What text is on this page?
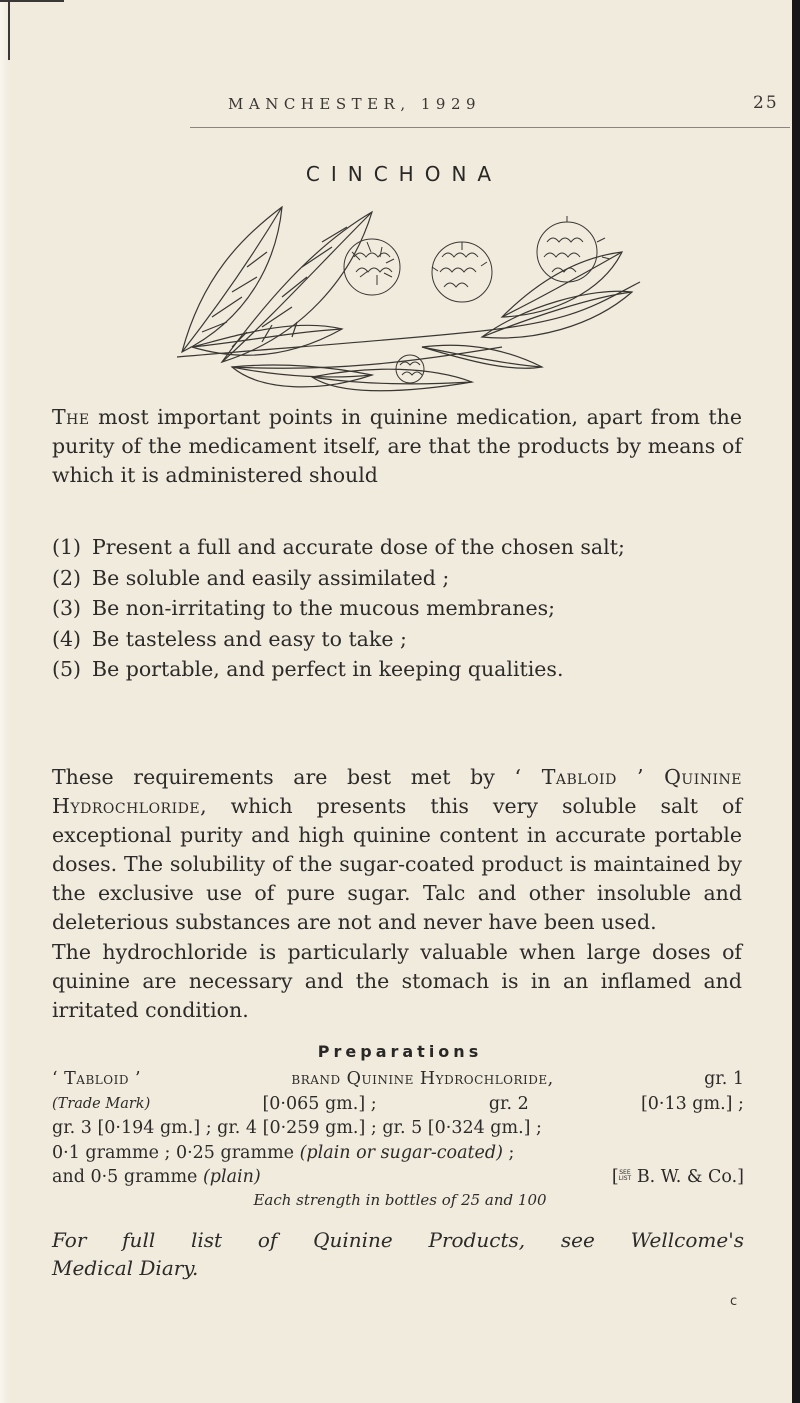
MANCHESTER, 1929	25
CINCHONA

The most important points in quinine medication, apart from the purity of the medicament itself, are that the products by means of which it is administered should

(1) Present a full and accurate dose of the chosen salt;
(2) Be soluble and easily assimilated ;
(3) Be non-irritating to the mucous membranes;
(4) Be tasteless and easy to take ;
(5) Be portable, and perfect in keeping qualities.

These requirements are best met by ‘ Tabloid ’ Quinine Hydrochloride, which presents this very soluble salt of exceptional purity and high quinine content in accurate portable doses. The solubility of the sugar-coated product is maintained by the exclusive use of pure sugar. Talc and other insoluble and deleterious substances are not and never have been used.

The hydrochloride is particularly valuable when large doses of quinine are necessary and the stomach is in an inflamed and irritated condition.

Preparations
‘ Tabloid ’	brand Quinine Hydrochloride,	gr. 1
(Trade Mark)	[0·065 gm.] ;	gr. 2	[0·13 gm.] ;
gr. 3 [0·194 gm.] ; gr. 4 [0·259 gm.] ; gr. 5 [0·324 gm.] ;
0·1 gramme ; 0·25 gramme (plain or sugar-coated) ;
and 0·5 gramme (plain)	[SEE
LIST B. W. & Co.]
Each strength in bottles of 25 and 100
For full list of Quinine Products, see Wellcome's
Medical Diary.
c
